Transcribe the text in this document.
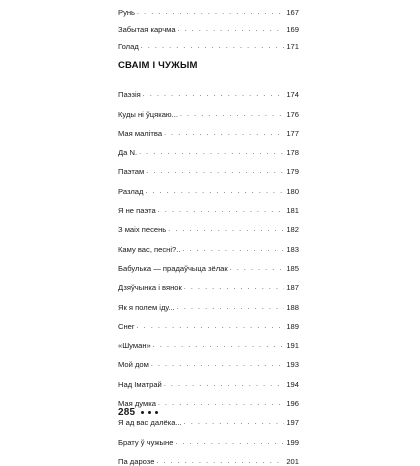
Рунь . . .	167
Забытая карчма . . .	169
Голад . . .	171
СВАІМ І ЧУЖЫМ
Паэзія . . .	174
Куды ні ўцякаю... . . .	176
Мая малітва . . .	177
Да N. . . .	178
Паэтам . . .	179
Разлад . . .	180
Я не паэта . . .	181
З маіх песень . . .	182
Каму вас, песні?.. . . .	183
Бабулька — прадаўчыца зёлак . . .	185
Дзяўчынка і вянок . . .	187
Як я полем іду... . . .	188
Снег . . .	189
«Шуман» . . .	191
Мой дом . . .	193
Над Іматрай . . .	194
Мая думка . . .	196
Я ад вас далёка... . . .	197
Брату ў чужыне . . .	199
Па дарозе . . .	201
285
